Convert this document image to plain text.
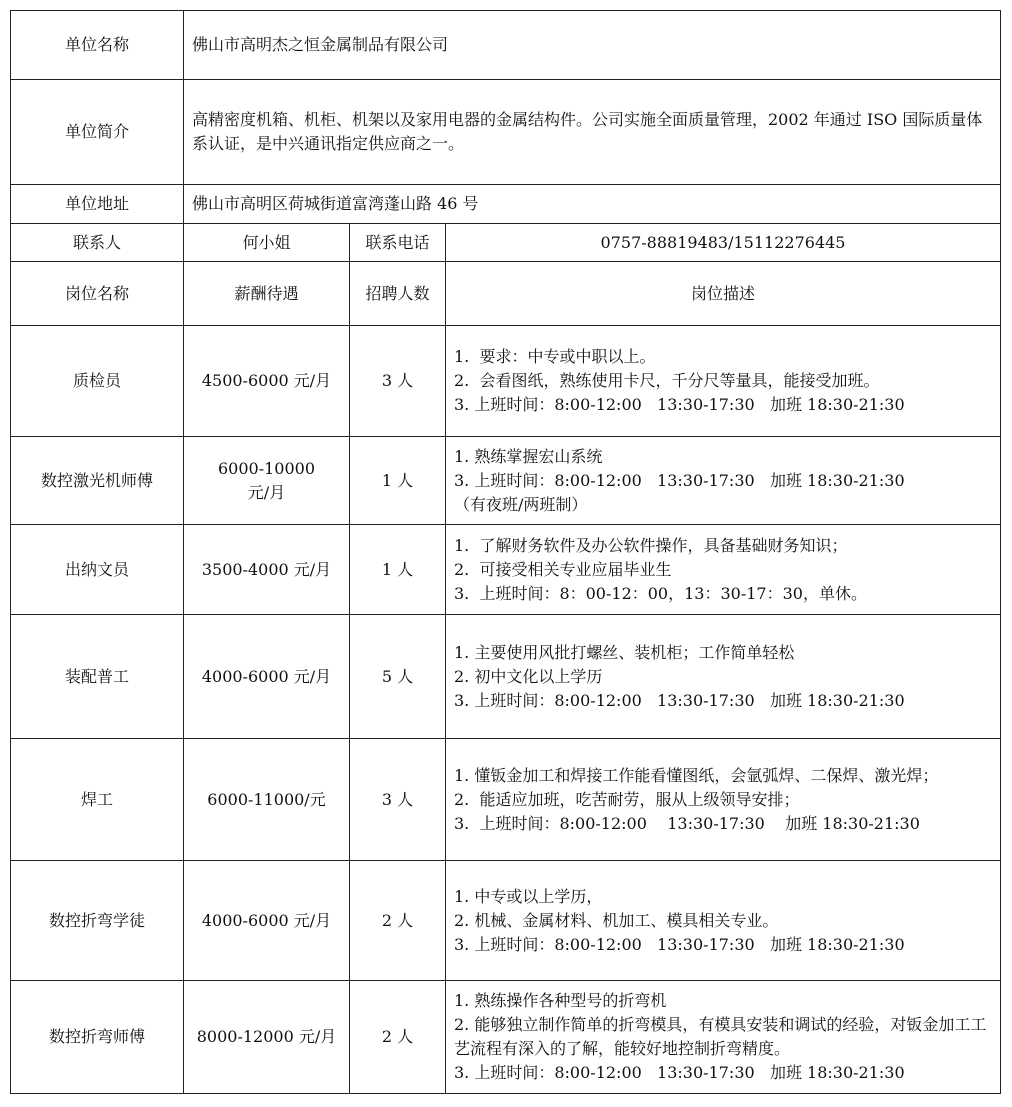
单位名称	佛山市高明杰之恒金属制品有限公司		
单位简介	高精密度机箱、机柜、机架以及家用电器的金属结构件。公司实施全面质量管理，2002 年通过 ISO 国际质量体系认证，是中兴通讯指定供应商之一。		
单位地址	佛山市高明区荷城街道富湾蓬山路 46 号		
联系人	何小姐	联系电话	0757-88819483/15112276445
岗位名称	薪酬待遇	招聘人数	岗位描述
质检员	4500-6000 元/月	3 人	1.  要求：中专或中职以上。
2.  会看图纸，熟练使用卡尺，千分尺等量具，能接受加班。
3. 上班时间：8:00-12:00   13:30-17:30   加班 18:30-21:30

数控激光机师傅	6000-10000 元/月	1 人	1. 熟练掌握宏山系统
3. 上班时间：8:00-12:00   13:30-17:30   加班 18:30-21:30
（有夜班/两班制）

出纳文员	3500-4000 元/月	1 人	1.  了解财务软件及办公软件操作，具备基础财务知识；
2.  可接受相关专业应届毕业生
3.  上班时间：8：00-12：00，13：30-17：30，单休。

装配普工	4000-6000 元/月	5 人	1. 主要使用风批打螺丝、装机柜；工作简单轻松
2. 初中文化以上学历
3. 上班时间：8:00-12:00   13:30-17:30   加班 18:30-21:30

焊工	6000-11000/元	3 人	1. 懂钣金加工和焊接工作能看懂图纸，会氩弧焊、二保焊、激光焊；
2.  能适应加班，吃苦耐劳，服从上级领导安排；
3.  上班时间：8:00-12:00    13:30-17:30    加班 18:30-21:30

数控折弯学徒	4000-6000 元/月	2 人	1. 中专或以上学历，
2. 机械、金属材料、机加工、模具相关专业。
3. 上班时间：8:00-12:00   13:30-17:30   加班 18:30-21:30

数控折弯师傅	8000-12000 元/月	2 人	1. 熟练操作各种型号的折弯机
2. 能够独立制作简单的折弯模具，有模具安装和调试的经验，对钣金加工工艺流程有深入的了解，能较好地控制折弯精度。
3. 上班时间：8:00-12:00   13:30-17:30   加班 18:30-21:30
